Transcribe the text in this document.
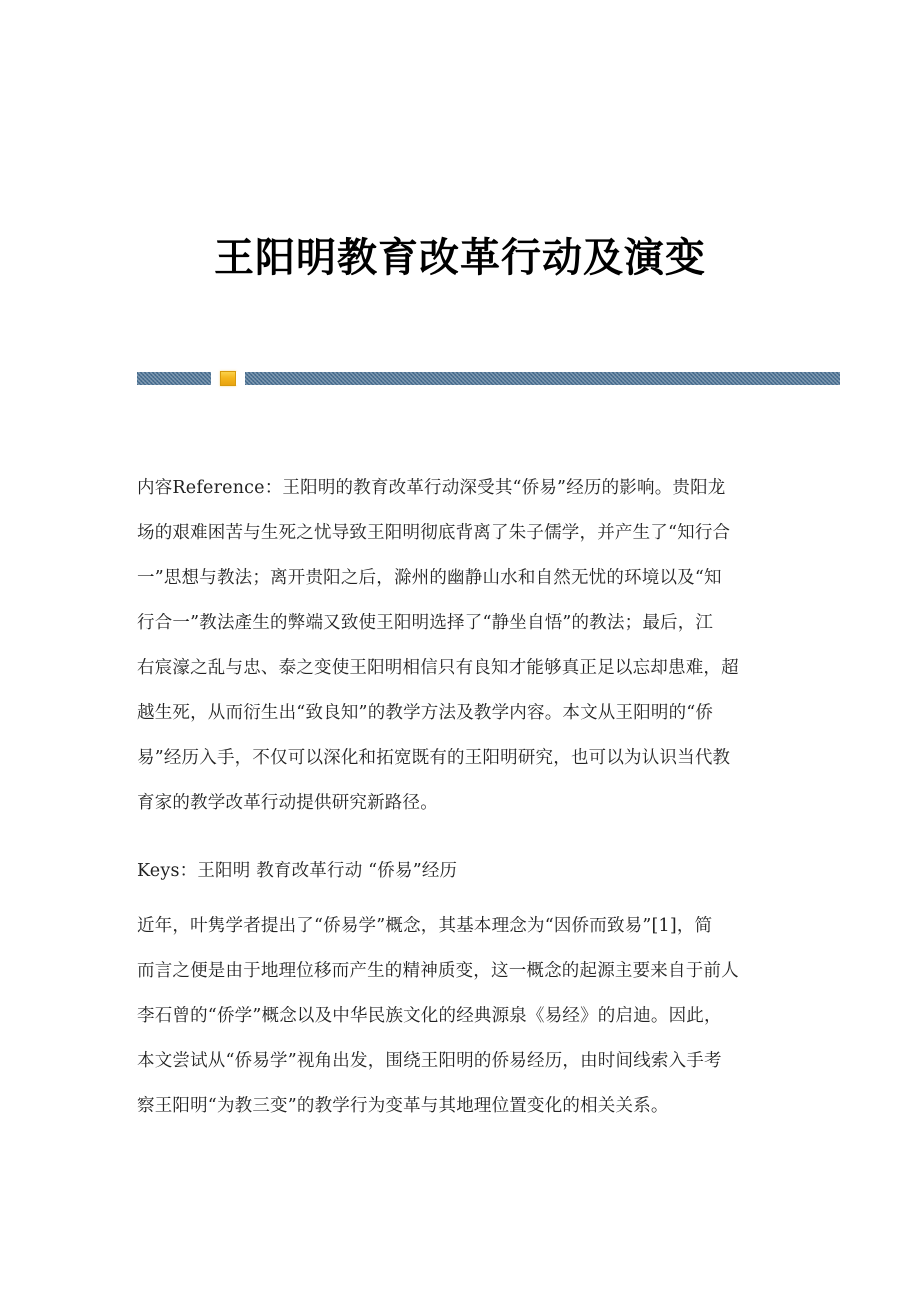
王阳明教育改革行动及演变

内容Reference：王阳明的教育改革行动深受其“侨易”经历的影响。贵阳龙
场的艰难困苦与生死之忧导致王阳明彻底背离了朱子儒学，并产生了“知行合
一”思想与教法；离开贵阳之后，滁州的幽静山水和自然无忧的环境以及“知
行合一”教法產生的弊端又致使王阳明选择了“静坐自悟”的教法；最后，江
右宸濠之乱与忠、泰之变使王阳明相信只有良知才能够真正足以忘却患难，超
越生死，从而衍生出“致良知”的教学方法及教学内容。本文从王阳明的“侨
易”经历入手，不仅可以深化和拓宽既有的王阳明研究，也可以为认识当代教
育家的教学改革行动提供研究新路径。

Keys：王阳明 教育改革行动 “侨易”经历

近年，叶隽学者提出了“侨易学”概念，其基本理念为“因侨而致易”[1]，简
而言之便是由于地理位移而产生的精神质变，这一概念的起源主要来自于前人
李石曾的“侨学”概念以及中华民族文化的经典源泉《易经》的启迪。因此，
本文尝试从“侨易学”视角出发，围绕王阳明的侨易经历，由时间线索入手考
察王阳明“为教三变”的教学行为变革与其地理位置变化的相关关系。
